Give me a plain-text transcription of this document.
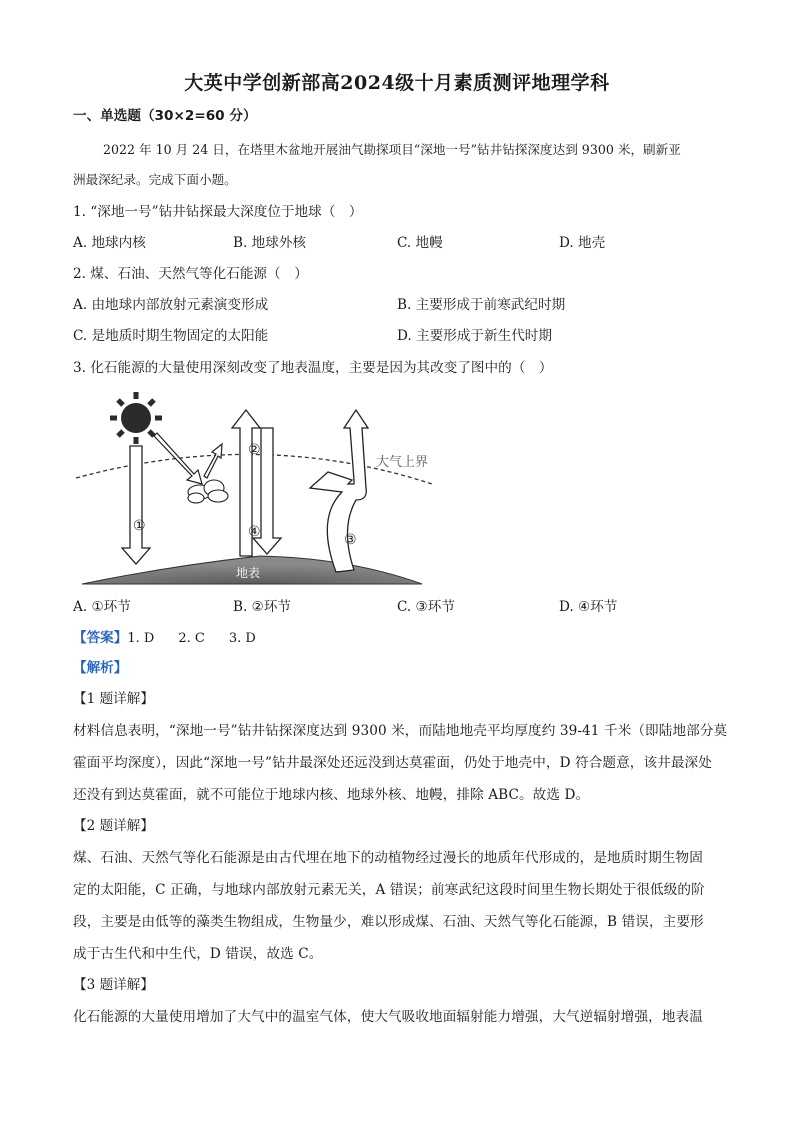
大英中学创新部高2024级十月素质测评地理学科
一、单选题（30×2=60 分）
2022 年 10 月 24 日，在塔里木盆地开展油气勘探项目“深地一号”钻井钻探深度达到 9300 米，刷新亚
洲最深纪录。完成下面小题。
1. “深地一号”钻井钻探最大深度位于地球（　）
A. 地球内核	B. 地球外核	C. 地幔	D. 地壳
2. 煤、石油、天然气等化石能源（　）
A. 由地球内部放射元素演变形成	B. 主要形成于前寒武纪时期
C. 是地质时期生物固定的太阳能	D. 主要形成于新生代时期
3. 化石能源的大量使用深刻改变了地表温度，主要是因为其改变了图中的（　）
①
②
④	③
大气上界
地表
A. ①环节	B. ②环节	C. ③环节	D. ④环节
【答案】1. D 2. C 3. D
【解析】
【1 题详解】
材料信息表明，“深地一号”钻井钻探深度达到 9300 米，而陆地地壳平均厚度约 39-41 千米（即陆地部分莫
霍面平均深度），因此“深地一号”钻井最深处还远没到达莫霍面，仍处于地壳中，D 符合题意，该井最深处
还没有到达莫霍面，就不可能位于地球内核、地球外核、地幔，排除 ABC。故选 D。
【2 题详解】
煤、石油、天然气等化石能源是由古代埋在地下的动植物经过漫长的地质年代形成的，是地质时期生物固
定的太阳能，C 正确，与地球内部放射元素无关，A 错误；前寒武纪这段时间里生物长期处于很低级的阶
段，主要是由低等的藻类生物组成，生物量少，难以形成煤、石油、天然气等化石能源，B 错误，主要形
成于古生代和中生代，D 错误，故选 C。
【3 题详解】
化石能源的大量使用增加了大气中的温室气体，使大气吸收地面辐射能力增强，大气逆辐射增强，地表温
